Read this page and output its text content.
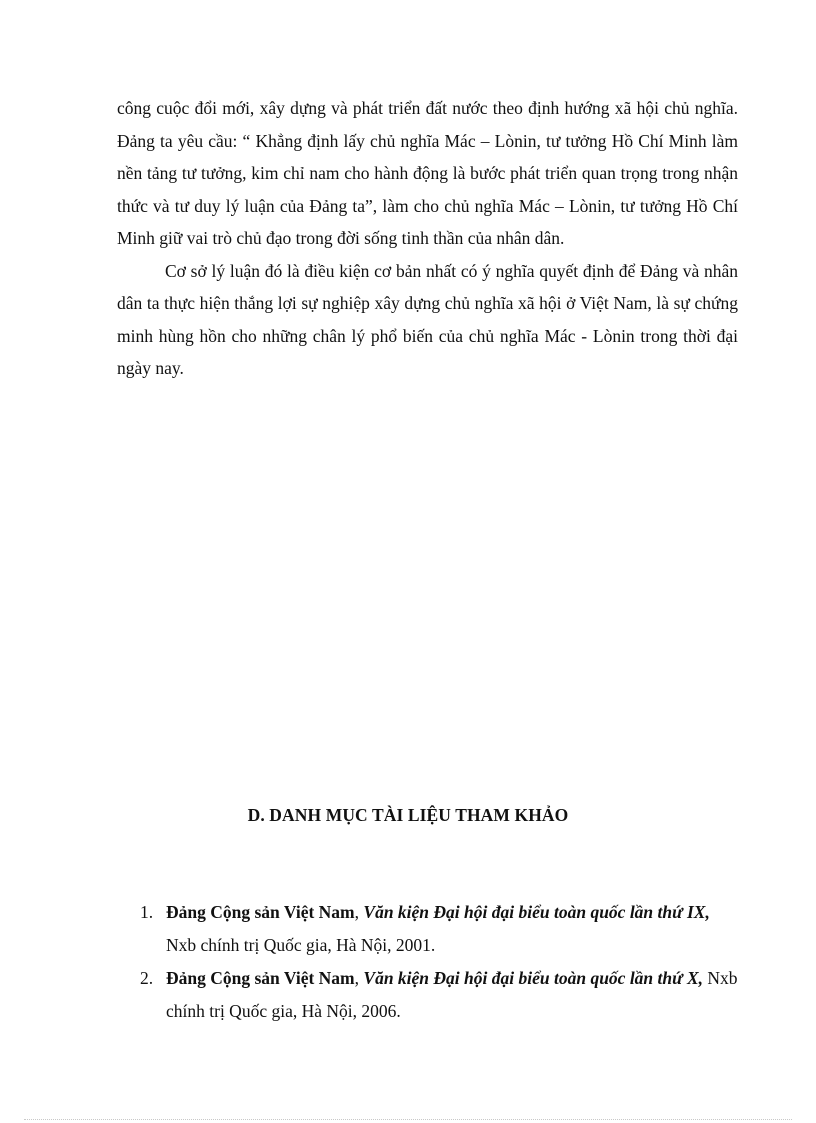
công cuộc đổi mới, xây dựng và phát triển đất nước theo định hướng xã hội chủ nghĩa. Đảng ta yêu cầu: “ Khẳng định lấy chủ nghĩa Mác – Lònin, tư tưởng Hồ Chí Minh làm nền tảng tư tưởng, kim chỉ nam cho hành động là bước phát triển quan trọng trong nhận thức và tư duy lý luận của Đảng ta”, làm cho chủ nghĩa Mác – Lònin, tư tưởng Hồ Chí Minh giữ vai trò chủ đạo trong đời sống tinh thần của nhân dân.

Cơ sở lý luận đó là điều kiện cơ bản nhất có ý nghĩa quyết định để Đảng và nhân dân ta thực hiện thắng lợi sự nghiệp xây dựng chủ nghĩa xã hội ở Việt Nam, là sự chứng minh hùng hồn cho những chân lý phổ biến của chủ nghĩa Mác - Lònin trong thời đại ngày nay.

D. DANH MỤC TÀI LIỆU THAM KHẢO
1. Đảng Cộng sản Việt Nam, Văn kiện Đại hội đại biểu toàn quốc lần thứ IX, Nxb chính trị Quốc gia, Hà Nội, 2001.
2. Đảng Cộng sản Việt Nam, Văn kiện Đại hội đại biểu toàn quốc lần thứ X, Nxb chính trị Quốc gia, Hà Nội, 2006.
